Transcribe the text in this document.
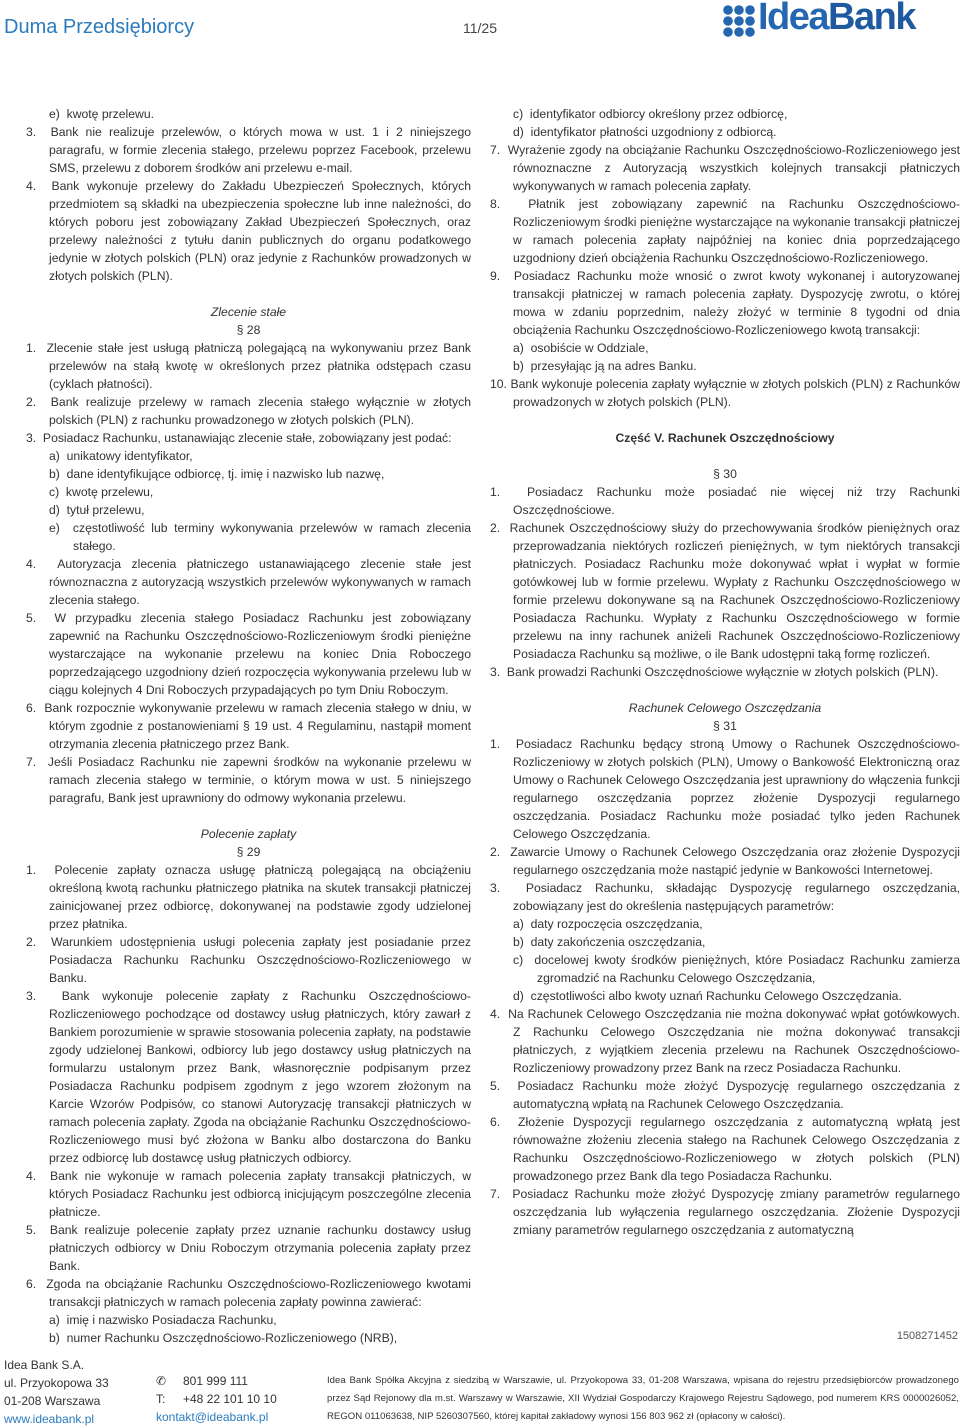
Duma Przedsiębiorcy	11/25	IdeaBank

e)  kwotę przelewu.

3.  Bank nie realizuje przelewów, o których mowa w ust. 1 i 2 niniejszego paragrafu, w formie zlecenia stałego, przelewu poprzez Facebook, przelewu SMS, przelewu z doborem środków ani przelewu e-mail.

4.  Bank wykonuje przelewy do Zakładu Ubezpieczeń Społecznych, których przedmiotem są składki na ubezpieczenia społeczne lub inne należności, do których poboru jest zobowiązany Zakład Ubezpieczeń Społecznych, oraz przelewy należności z tytułu danin publicznych do organu podatkowego jedynie w złotych polskich (PLN) oraz jedynie z Rachunków prowadzonych w złotych polskich (PLN).

Zlecenie stałe

§ 28

1.  Zlecenie stałe jest usługą płatniczą polegającą na wykonywaniu przez Bank przelewów na stałą kwotę w określonych przez płatnika odstępach czasu (cyklach płatności).

2.  Bank realizuje przelewy w ramach zlecenia stałego wyłącznie w złotych polskich (PLN) z rachunku prowadzonego w złotych polskich (PLN).

3.  Posiadacz Rachunku, ustanawiając zlecenie stałe, zobowiązany jest podać:

a)  unikatowy identyfikator,

b)  dane identyfikujące odbiorcę, tj. imię i nazwisko lub nazwę,

c)  kwotę przelewu,

d)  tytuł przelewu,

e)  częstotliwość lub terminy wykonywania przelewów w ramach zlecenia stałego.

4.  Autoryzacja zlecenia płatniczego ustanawiającego zlecenie stałe jest równoznaczna z autoryzacją wszystkich przelewów wykonywanych w ramach zlecenia stałego.

5.  W przypadku zlecenia stałego Posiadacz Rachunku jest zobowiązany zapewnić na Rachunku Oszczędnościowo-Rozliczeniowym środki pieniężne wystarczające na wykonanie przelewu na koniec Dnia Roboczego poprzedzającego uzgodniony dzień rozpoczęcia wykonywania przelewu lub w ciągu kolejnych 4 Dni Roboczych przypadających po tym Dniu Roboczym.

6.  Bank rozpocznie wykonywanie przelewu w ramach zlecenia stałego w dniu, w którym zgodnie z postanowieniami § 19 ust. 4 Regulaminu, nastąpił moment otrzymania zlecenia płatniczego przez Bank.

7.  Jeśli Posiadacz Rachunku nie zapewni środków na wykonanie przelewu w ramach zlecenia stałego w terminie, o którym mowa w ust. 5 niniejszego paragrafu, Bank jest uprawniony do odmowy wykonania przelewu.

Polecenie zapłaty

§ 29

1.  Polecenie zapłaty oznacza usługę płatniczą polegającą na obciążeniu określoną kwotą rachunku płatniczego płatnika na skutek transakcji płatniczej zainicjowanej przez odbiorcę, dokonywanej na podstawie zgody udzielonej przez płatnika.

2.  Warunkiem udostępnienia usługi polecenia zapłaty jest posiadanie przez Posiadacza Rachunku Rachunku Oszczędnościowo-Rozliczeniowego w Banku.

3.  Bank wykonuje polecenie zapłaty z Rachunku Oszczędnościowo-Rozliczeniowego pochodzące od dostawcy usług płatniczych, który zawarł z Bankiem porozumienie w sprawie stosowania polecenia zapłaty, na podstawie zgody udzielonej Bankowi, odbiorcy lub jego dostawcy usług płatniczych na formularzu ustalonym przez Bank, własnoręcznie podpisanym przez Posiadacza Rachunku podpisem zgodnym z jego wzorem złożonym na Karcie Wzorów Podpisów, co stanowi Autoryzację transakcji płatniczych w ramach polecenia zapłaty. Zgoda na obciążanie Rachunku Oszczędnościowo-Rozliczeniowego musi być złożona w Banku albo dostarczona do Banku przez odbiorcę lub dostawcę usług płatniczych odbiorcy.

4.  Bank nie wykonuje w ramach polecenia zapłaty transakcji płatniczych, w których Posiadacz Rachunku jest odbiorcą inicjującym poszczególne zlecenia płatnicze.

5.  Bank realizuje polecenie zapłaty przez uznanie rachunku dostawcy usług płatniczych odbiorcy w Dniu Roboczym otrzymania polecenia zapłaty przez Bank.

6.  Zgoda na obciążanie Rachunku Oszczędnościowo-Rozliczeniowego kwotami transakcji płatniczych w ramach polecenia zapłaty powinna zawierać:

a)  imię i nazwisko Posiadacza Rachunku,

b)  numer Rachunku Oszczędnościowo-Rozliczeniowego (NRB),

c)  identyfikator odbiorcy określony przez odbiorcę,

d)  identyfikator płatności uzgodniony z odbiorcą.

7.  Wyrażenie zgody na obciążanie Rachunku Oszczędnościowo-Rozliczeniowego jest równoznaczne z Autoryzacją wszystkich kolejnych transakcji płatniczych wykonywanych w ramach polecenia zapłaty.

8.  Płatnik jest zobowiązany zapewnić na Rachunku Oszczędnościowo-Rozliczeniowym środki pieniężne wystarczające na wykonanie transakcji płatniczej w ramach polecenia zapłaty najpóźniej na koniec dnia poprzedzającego uzgodniony dzień obciążenia Rachunku Oszczędnościowo-Rozliczeniowego.

9.  Posiadacz Rachunku może wnosić o zwrot kwoty wykonanej i autoryzowanej transakcji płatniczej w ramach polecenia zapłaty. Dyspozycję zwrotu, o której mowa w zdaniu poprzednim, należy złożyć w terminie 8 tygodni od dnia obciążenia Rachunku Oszczędnościowo-Rozliczeniowego kwotą transakcji:

a)  osobiście w Oddziale,

b)  przesyłając ją na adres Banku.

10. Bank wykonuje polecenia zapłaty wyłącznie w złotych polskich (PLN) z Rachunków prowadzonych w złotych polskich (PLN).

Część V. Rachunek Oszczędnościowy

§ 30

1.  Posiadacz Rachunku może posiadać nie więcej niż trzy Rachunki Oszczędnościowe.

2.  Rachunek Oszczędnościowy służy do przechowywania środków pieniężnych oraz przeprowadzania niektórych rozliczeń pieniężnych, w tym niektórych transakcji płatniczych. Posiadacz Rachunku może dokonywać wpłat i wypłat w formie gotówkowej lub w formie przelewu. Wypłaty z Rachunku Oszczędnościowego w formie przelewu dokonywane są na Rachunek Oszczędnościowo-Rozliczeniowy Posiadacza Rachunku. Wypłaty z Rachunku Oszczędnościowego w formie przelewu na inny rachunek aniżeli Rachunek Oszczędnościowo-Rozliczeniowy Posiadacza Rachunku są możliwe, o ile Bank udostępni taką formę rozliczeń.

3.  Bank prowadzi Rachunki Oszczędnościowe wyłącznie w złotych polskich (PLN).

Rachunek Celowego Oszczędzania

§ 31

1.  Posiadacz Rachunku będący stroną Umowy o Rachunek Oszczędnościowo-Rozliczeniowy w złotych polskich (PLN), Umowy o Bankowość Elektroniczną oraz Umowy o Rachunek Celowego Oszczędzania jest uprawniony do włączenia funkcji regularnego oszczędzania poprzez złożenie Dyspozycji regularnego oszczędzania. Posiadacz Rachunku może posiadać tylko jeden Rachunek Celowego Oszczędzania.

2.  Zawarcie Umowy o Rachunek Celowego Oszczędzania oraz złożenie Dyspozycji regularnego oszczędzania może nastąpić jedynie w Bankowości Internetowej.

3.  Posiadacz Rachunku, składając Dyspozycję regularnego oszczędzania, zobowiązany jest do określenia następujących parametrów:

a)  daty rozpoczęcia oszczędzania,

b)  daty zakończenia oszczędzania,

c)  docelowej kwoty środków pieniężnych, które Posiadacz Rachunku zamierza zgromadzić na Rachunku Celowego Oszczędzania,

d)  częstotliwości albo kwoty uznań Rachunku Celowego Oszczędzania.

4.  Na Rachunek Celowego Oszczędzania nie można dokonywać wpłat gotówkowych. Z Rachunku Celowego Oszczędzania nie można dokonywać transakcji płatniczych, z wyjątkiem zlecenia przelewu na Rachunek Oszczędnościowo-Rozliczeniowy prowadzony przez Bank na rzecz Posiadacza Rachunku.

5.  Posiadacz Rachunku może złożyć Dyspozycję regularnego oszczędzania z automatyczną wpłatą na Rachunek Celowego Oszczędzania.

6.  Złożenie Dyspozycji regularnego oszczędzania z automatyczną wpłatą jest równoważne złożeniu zlecenia stałego na Rachunek Celowego Oszczędzania z Rachunku Oszczędnościowo-Rozliczeniowego w złotych polskich (PLN) prowadzonego przez Bank dla tego Posiadacza Rachunku.

7.  Posiadacz Rachunku może złożyć Dyspozycję zmiany parametrów regularnego oszczędzania lub wyłączenia regularnego oszczędzania. Złożenie Dyspozycji zmiany parametrów regularnego oszczędzania z automatyczną

1508271452
Idea Bank S.A.
ul. Przyokopowa 33
01-208 Warszawa
www.ideabank.pl
✆	801 999 111
T:	+48 22 101 10 10
kontakt@ideabank.pl
Idea Bank Spółka Akcyjna z siedzibą w Warszawie, ul. Przyokopowa 33, 01-208 Warszawa, wpisana do rejestru przedsiębiorców prowadzonego przez Sąd Rejonowy dla m.st. Warszawy w Warszawie, XII Wydział Gospodarczy Krajowego Rejestru Sądowego, pod numerem KRS 0000026052, REGON 011063638, NIP 5260307560, której kapitał zakładowy wynosi 156 803 962 zł (opłacony w całości).
